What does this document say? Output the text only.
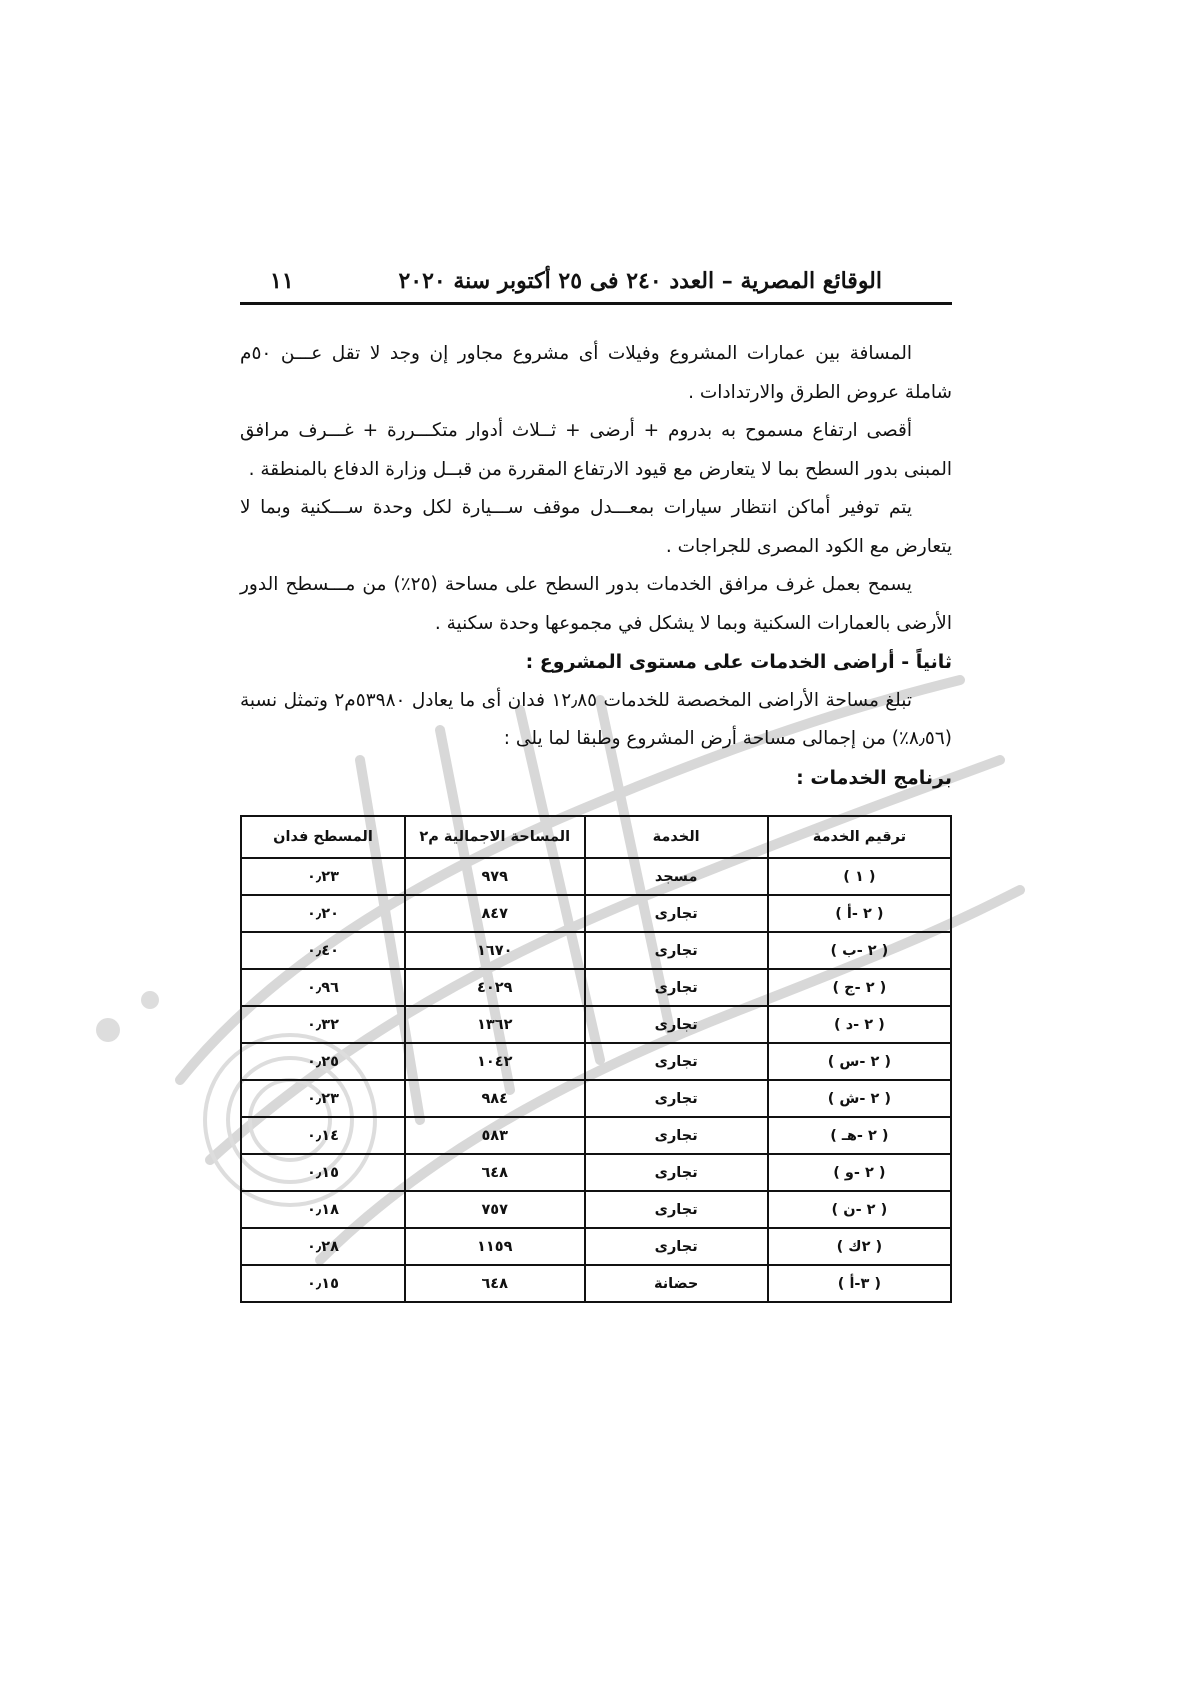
الوقائع المصرية – العدد ٢٤٠ فى ٢٥ أكتوبر سنة ٢٠٢٠
١١

المسافة بين عمارات المشروع وفيلات أى مشروع مجاور إن وجد لا تقل عـــن ٥٠م شاملة عروض الطرق والارتدادات .

أقصى ارتفاع مسموح به بدروم + أرضى + ثــلاث أدوار متكـــررة + غـــرف مرافق المبنى بدور السطح بما لا يتعارض مع قيود الارتفاع المقررة من قبــل وزارة الدفاع بالمنطقة .

يتم توفير أماكن انتظار سيارات بمعـــدل موقف ســـيارة لكل وحدة ســـكنية وبما لا يتعارض مع الكود المصرى للجراجات .

يسمح بعمل غرف مرافق الخدمات بدور السطح على مساحة (٢٥٪) من مـــسطح الدور الأرضى بالعمارات السكنية وبما لا يشكل في مجموعها وحدة سكنية .

ثانياً - أراضى الخدمات على مستوى المشروع :

تبلغ مساحة الأراضى المخصصة للخدمات ١٢٫٨٥ فدان أى ما يعادل ٥٣٩٨٠م٢ وتمثل نسبة (٨٫٥٦٪) من إجمالى مساحة أرض المشروع وطبقا لما يلى :

برنامج الخدمات :

ترقيم الخدمة	الخدمة	المساحة الاجمالية م٢	المسطح فدان
( ١ )	مسجد	٩٧٩	٠٫٢٣
( ٢ -أ )	تجارى	٨٤٧	٠٫٢٠
( ٢ -ب )	تجارى	١٦٧٠	٠٫٤٠
( ٢ -ج )	تجارى	٤٠٢٩	٠٫٩٦
( ٢ -د )	تجارى	١٣٦٢	٠٫٣٢
( ٢ -س )	تجارى	١٠٤٢	٠٫٢٥
( ٢ -ش )	تجارى	٩٨٤	٠٫٢٣
( ٢ -هـ )	تجارى	٥٨٣	٠٫١٤
( ٢ -و )	تجارى	٦٤٨	٠٫١٥
( ٢ -ن )	تجارى	٧٥٧	٠٫١٨
( ٢ك )	تجارى	١١٥٩	٠٫٢٨
( ٣-أ )	حضانة	٦٤٨	٠٫١٥
